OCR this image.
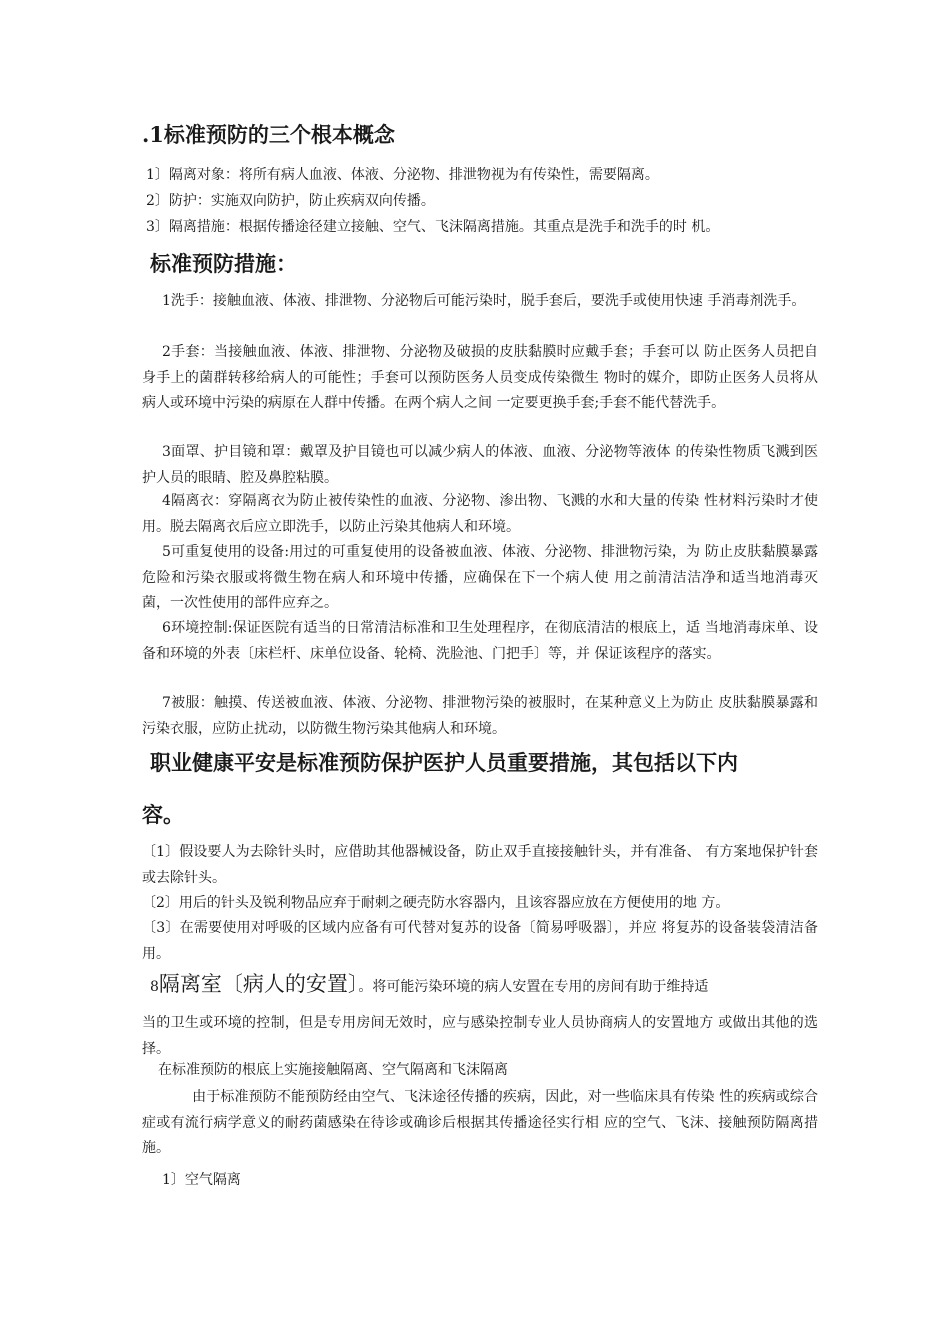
.1标准预防的三个根本概念

1〕隔离对象：将所有病人血液、体液、分泌物、排泄物视为有传染性，需要隔离。

2〕防护：实施双向防护，防止疾病双向传播。

3〕隔离措施：根据传播途径建立接触、空气、飞沫隔离措施。其重点是洗手和洗手的时 机。

标准预防措施：

1洗手：接触血液、体液、排泄物、分泌物后可能污染时，脱手套后，要洗手或使用快速 手消毒剂洗手。

2手套：当接触血液、体液、排泄物、分泌物及破损的皮肤黏膜时应戴手套；手套可以 防止医务人员把自身手上的菌群转移给病人的可能性；手套可以预防医务人员变成传染微生 物时的媒介，即防止医务人员将从病人或环境中污染的病原在人群中传播。在两个病人之间 一定要更换手套;手套不能代替洗手。

3面罩、护目镜和罩：戴罩及护目镜也可以减少病人的体液、血液、分泌物等液体 的传染性物质飞溅到医护人员的眼睛、腔及鼻腔粘膜。

4隔离衣：穿隔离衣为防止被传染性的血液、分泌物、渗出物、飞溅的水和大量的传染 性材料污染时才使用。脱去隔离衣后应立即洗手，以防止污染其他病人和环境。

5可重复使用的设备:用过的可重复使用的设备被血液、体液、分泌物、排泄物污染，为 防止皮肤黏膜暴露危险和污染衣服或将微生物在病人和环境中传播，应确保在下一个病人使 用之前清洁洁净和适当地消毒灭菌，一次性使用的部件应弃之。

6环境控制:保证医院有适当的日常清洁标准和卫生处理程序，在彻底清洁的根底上，适 当地消毒床单、设备和环境的外表〔床栏杆、床单位设备、轮椅、洗脸池、门把手〕等，并 保证该程序的落实。

7被服：触摸、传送被血液、体液、分泌物、排泄物污染的被服时，在某种意义上为防止 皮肤黏膜暴露和污染衣服，应防止扰动，以防微生物污染其他病人和环境。

职业健康平安是标准预防保护医护人员重要措施，其包括以下内
容。

〔1〕假设要人为去除针头时，应借助其他器械设备，防止双手直接接触针头，并有准备、 有方案地保护针套或去除针头。

〔2〕用后的针头及锐利物品应弃于耐刺之硬壳防水容器内，且该容器应放在方便使用的地 方。

〔3〕在需要使用对呼吸的区域内应备有可代替对复苏的设备〔简易呼吸器〕，并应 将复苏的设备装袋清洁备用。

8隔离室〔病人的安置〕。将可能污染环境的病人安置在专用的房间有助于维持适

当的卫生或环境的控制，但是专用房间无效时，应与感染控制专业人员协商病人的安置地方 或做出其他的选择。

在标准预防的根底上实施接触隔离、空气隔离和飞沫隔离

由于标准预防不能预防经由空气、飞沫途径传播的疾病，因此，对一些临床具有传染 性的疾病或综合症或有流行病学意义的耐药菌感染在待诊或确诊后根据其传播途径实行相 应的空气、飞沫、接触预防隔离措施。

1〕空气隔离
